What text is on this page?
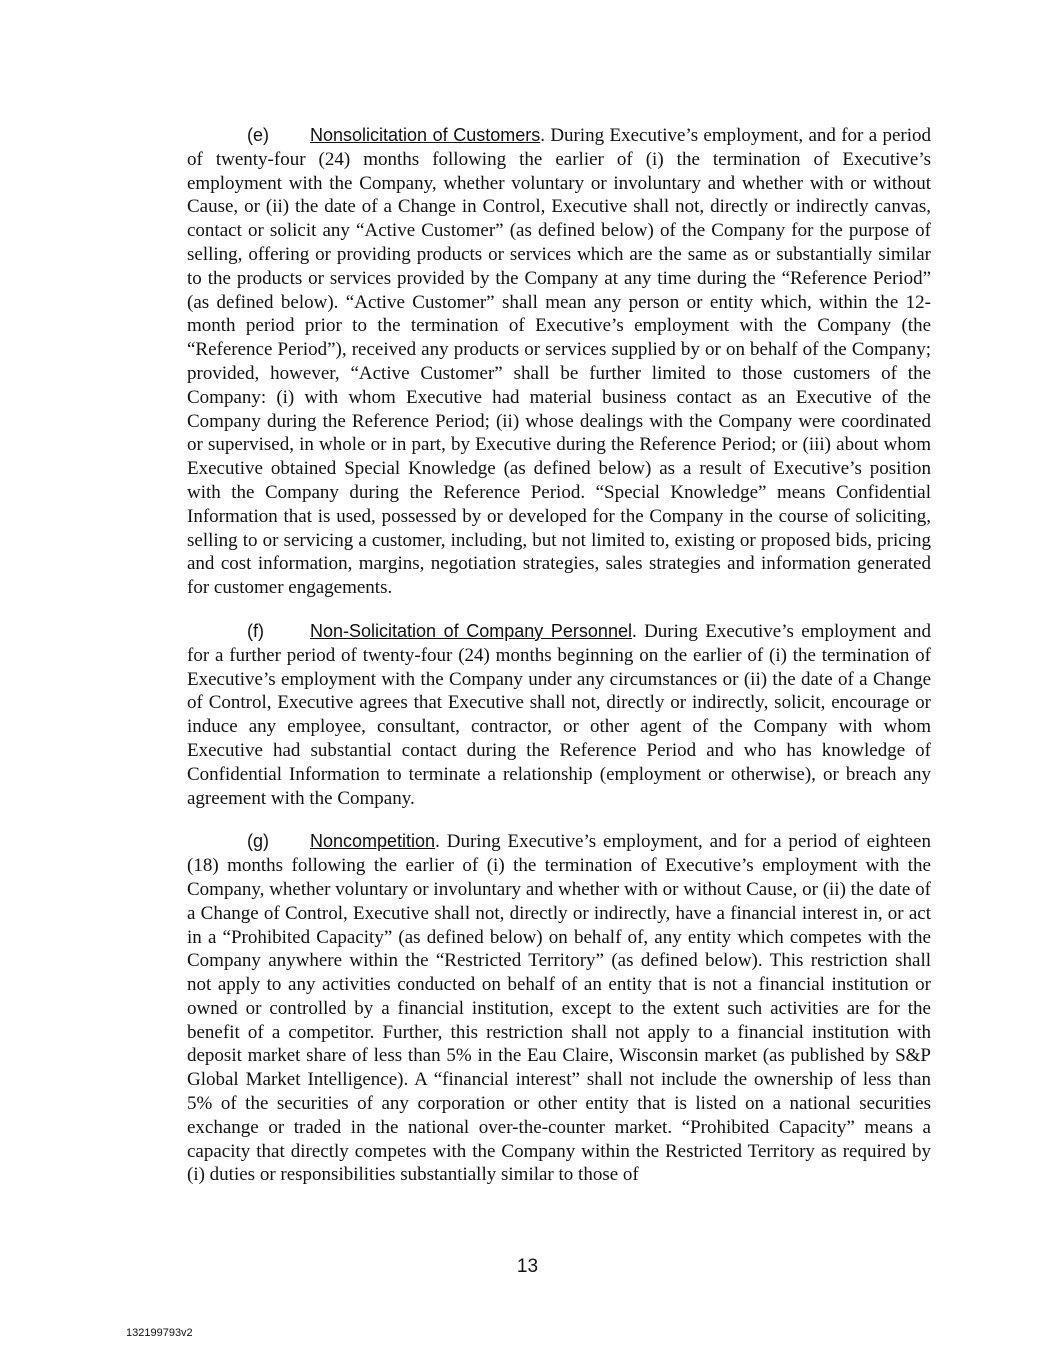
(e) Nonsolicitation of Customers. During Executive’s employment, and for a period of twenty-four (24) months following the earlier of (i) the termination of Executive’s employment with the Company, whether voluntary or involuntary and whether with or without Cause, or (ii) the date of a Change in Control, Executive shall not, directly or indirectly canvas, contact or solicit any “Active Customer” (as defined below) of the Company for the purpose of selling, offering or providing products or services which are the same as or substantially similar to the products or services provided by the Company at any time during the “Reference Period” (as defined below). “Active Customer” shall mean any person or entity which, within the 12-month period prior to the termination of Executive’s employment with the Company (the “Reference Period”), received any products or services supplied by or on behalf of the Company; provided, however, “Active Customer” shall be further limited to those customers of the Company: (i) with whom Executive had material business contact as an Executive of the Company during the Reference Period; (ii) whose dealings with the Company were coordinated or supervised, in whole or in part, by Executive during the Reference Period; or (iii) about whom Executive obtained Special Knowledge (as defined below) as a result of Executive’s position with the Company during the Reference Period. “Special Knowledge” means Confidential Information that is used, possessed by or developed for the Company in the course of soliciting, selling to or servicing a customer, including, but not limited to, existing or proposed bids, pricing and cost information, margins, negotiation strategies, sales strategies and information generated for customer engagements.

(f)	Non-Solicitation of Company Personnel. During Executive’s employment and for a further period of twenty-four (24) months beginning on the earlier of (i) the termination of Executive’s employment with the Company under any circumstances or (ii) the date of a Change of Control, Executive agrees that Executive shall not, directly or indirectly, solicit, encourage or induce any employee, consultant, contractor, or other agent of the Company with whom Executive had substantial contact during the Reference Period and who has knowledge of Confidential Information to terminate a relationship (employment or otherwise), or breach any agreement with the Company.

(g) Noncompetition. During Executive’s employment, and for a period of eighteen (18) months following the earlier of (i) the termination of Executive’s employment with the Company, whether voluntary or involuntary and whether with or without Cause, or (ii) the date of a Change of Control, Executive shall not, directly or indirectly, have a financial interest in, or act in a “Prohibited Capacity” (as defined below) on behalf of, any entity which competes with the Company anywhere within the “Restricted Territory” (as defined below). This restriction shall not apply to any activities conducted on behalf of an entity that is not a financial institution or owned or controlled by a financial institution, except to the extent such activities are for the benefit of a competitor. Further, this restriction shall not apply to a financial institution with deposit market share of less than 5% in the Eau Claire, Wisconsin market (as published by S&P Global Market Intelligence). A “financial interest” shall not include the ownership of less than 5% of the securities of any corporation or other entity that is listed on a national securities exchange or traded in the national over-the-counter market. “Prohibited Capacity” means a capacity that directly competes with the Company within the Restricted Territory as required by (i) duties or responsibilities substantially similar to those of

13
132199793v2
